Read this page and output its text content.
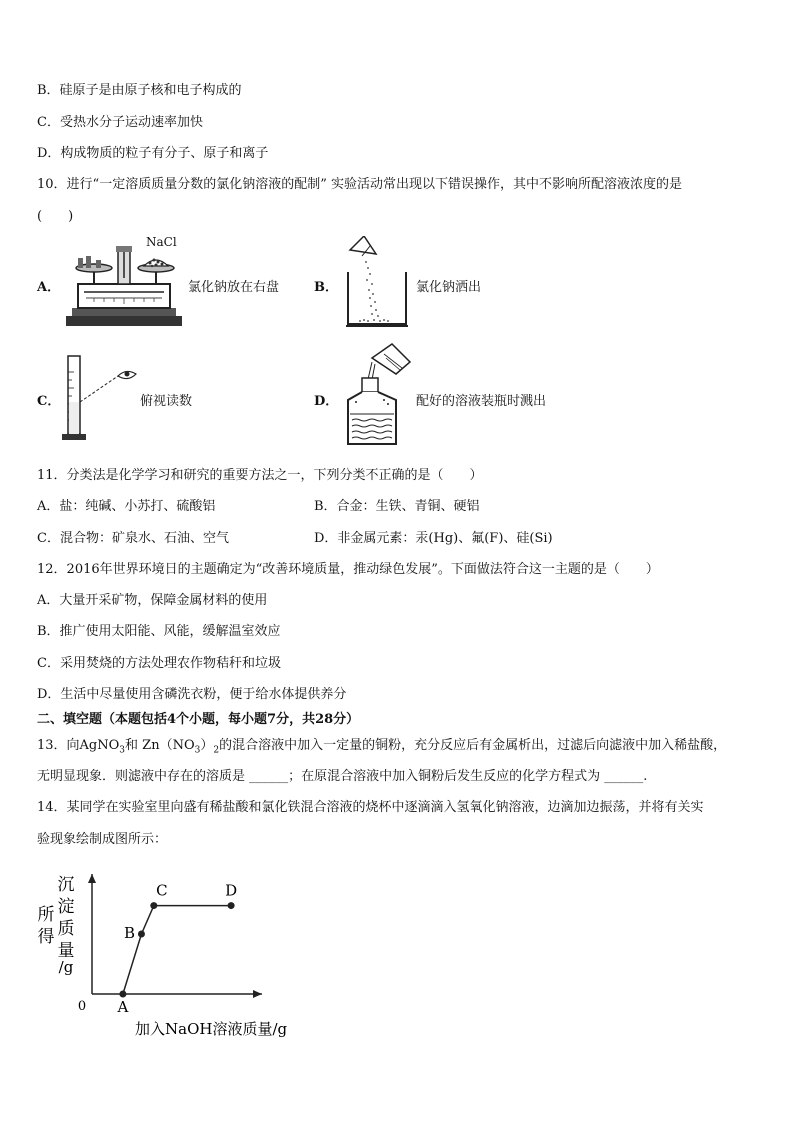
B．硅原子是由原子核和电子构成的
C．受热水分子运动速率加快
D．构成物质的粒子有分子、原子和离子
10．进行“一定溶质质量分数的氯化钠溶液的配制” 实验活动常出现以下错误操作，其中不影响所配溶液浓度的是
(　　)
A．
NaCl
氯化钠放在右盘	B．	氯化钠洒出
C．	俯视读数	D．	配好的溶液装瓶时溅出
11．分类法是化学学习和研究的重要方法之一，下列分类不正确的是（　　）
A．盐：纯碱、小苏打、硫酸铝	B．合金：生铁、青铜、硬铝
C．混合物：矿泉水、石油、空气	D．非金属元素：汞(Hg)、氟(F)、硅(Si)
12．2016年世界环境日的主题确定为“改善环境质量，推动绿色发展”。下面做法符合这一主题的是（　　）
A．大量开采矿物，保障金属材料的使用
B．推广使用太阳能、风能，缓解温室效应
C．采用焚烧的方法处理农作物秸秆和垃圾
D．生活中尽量使用含磷洗衣粉，便于给水体提供养分
二、填空题（本题包括4个小题，每小题7分，共28分）
13．向AgNO$_3$和 $Zn(NO_3)_2$的混合溶液中加入一定量的铜粉，充分反应后有金属析出，过滤后向滤液中加入稀盐酸，
无明显现象．则滤液中存在的溶质是 ______；在原混合溶液中加入铜粉后发生反应的化学方程式为 ______.
14．某同学在实验室里向盛有稀盐酸和氯化铁混合溶液的烧杯中逐滴滴入氢氧化钠溶液，边滴加边振荡，并将有关实
验现象绘制成图所示：
0
加入NaOH溶液质量/g
沉
淀
质
量
所
得
/g
A
B
C	D
